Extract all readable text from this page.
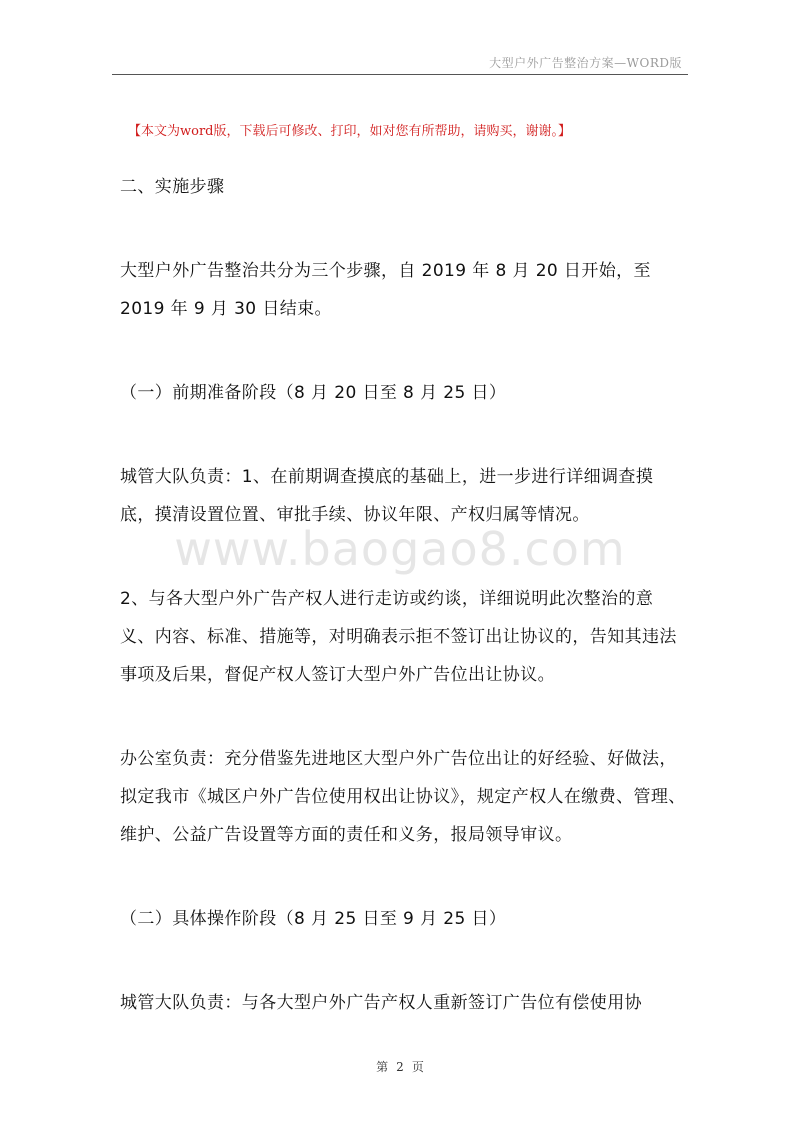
大型户外广告整治方案—WORD版
【本文为word版，下载后可修改、打印，如对您有所帮助，请购买，谢谢。】
www.baogao8.com

二、实施步骤

大型户外广告整治共分为三个步骤，自 2019 年 8 月 20 日开始，至 2019 年 9 月 30 日结束。

（一）前期准备阶段（8 月 20 日至 8 月 25 日）

城管大队负责：1、在前期调查摸底的基础上，进一步进行详细调查摸底，摸清设置位置、审批手续、协议年限、产权归属等情况。

2、与各大型户外广告产权人进行走访或约谈，详细说明此次整治的意义、内容、标准、措施等，对明确表示拒不签订出让协议的，告知其违法事项及后果，督促产权人签订大型户外广告位出让协议。

办公室负责：充分借鉴先进地区大型户外广告位出让的好经验、好做法，拟定我市《城区户外广告位使用权出让协议》，规定产权人在缴费、管理、维护、公益广告设置等方面的责任和义务，报局领导审议。

（二）具体操作阶段（8 月 25 日至 9 月 25 日）

城管大队负责：与各大型户外广告产权人重新签订广告位有偿使用协

第 2 页
